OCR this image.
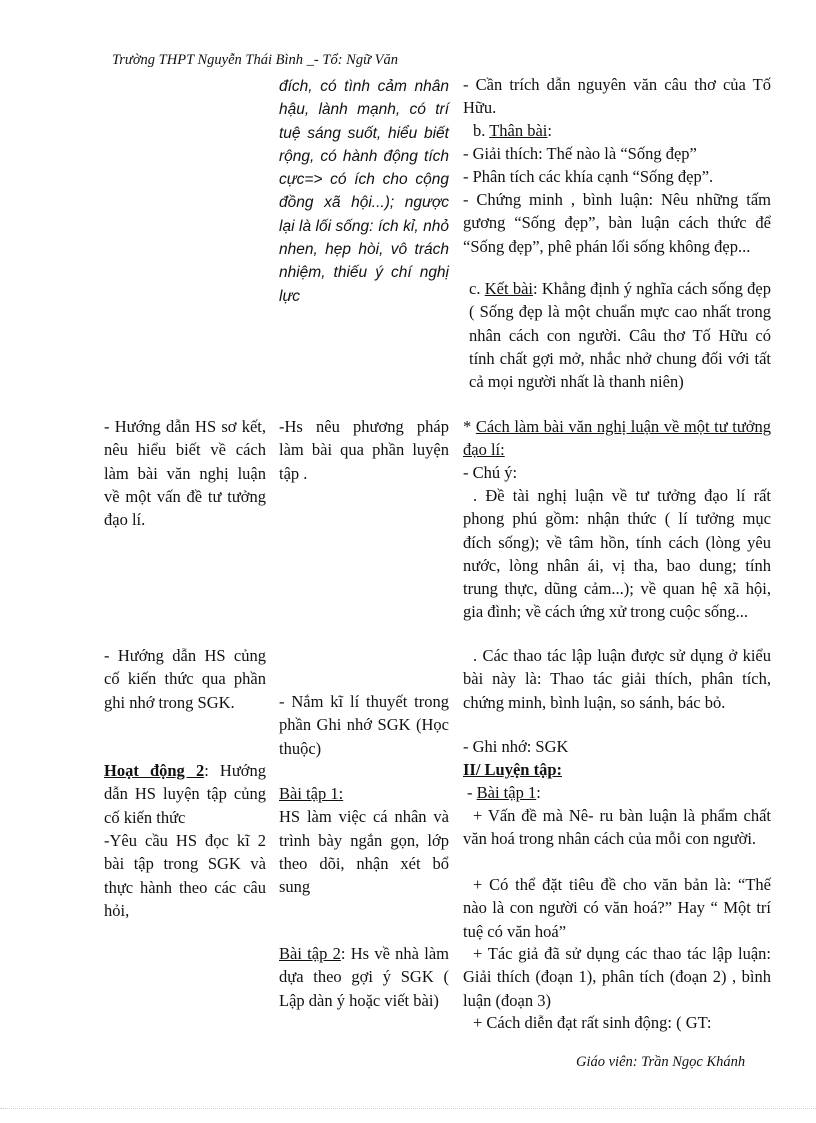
Trường THPT Nguyễn Thái Bình _- Tổ: Ngữ Văn

- Hướng dẫn HS sơ kết, nêu hiểu biết về cách làm bài văn nghị luận về một vấn đề tư tưởng đạo lí.

- Hướng dẫn HS củng cố kiến thức qua phần ghi nhớ trong SGK.

Hoạt động 2: Hướng dẫn HS luyện tập củng cố kiến thức

-Yêu cầu HS đọc kĩ 2 bài tập trong SGK và thực hành theo các câu hỏi,

đích, có tình cảm nhân hậu, lành mạnh, có trí tuệ sáng suốt, hiểu biết rộng, có hành động tích cực=> có ích cho cộng đồng xã hội...); ngược lại là lối sống: ích kỉ, nhỏ nhen, hẹp hòi, vô trách nhiệm, thiếu ý chí nghị lực

-Hs nêu phương pháp làm bài qua phần luyện tập .

- Nắm kĩ lí thuyết trong phần Ghi nhớ SGK (Học thuộc)

Bài tập 1:
HS làm việc cá nhân và trình bày ngắn gọn, lớp theo dõi, nhận xét bổ sung

Bài tập 2: Hs về nhà làm dựa theo gợi ý SGK ( Lập dàn ý hoặc viết bài)

- Cần trích dẫn nguyên văn câu thơ của Tố Hữu.

b. Thân bài:

- Giải thích: Thế nào là “Sống đẹp”

- Phân tích các khía cạnh “Sống đẹp”.

- Chứng minh , bình luận: Nêu những tấm gương “Sống đẹp”, bàn luận cách thức để “Sống đẹp”, phê phán lối sống không đẹp...

c. Kết bài: Khẳng định ý nghĩa cách sống đẹp ( Sống đẹp là một chuẩn mực cao nhất trong nhân cách con người. Câu thơ Tố Hữu có tính chất gợi mở, nhắc nhở chung đối với tất cả mọi người nhất là thanh niên)

* Cách làm bài văn nghị luận về một tư tưởng đạo lí:

- Chú ý:

. Đề tài nghị luận về tư tưởng đạo lí rất phong phú gồm: nhận thức ( lí tưởng mục đích sống); về tâm hồn, tính cách (lòng yêu nước, lòng nhân ái, vị tha, bao dung; tính trung thực, dũng cảm...); về quan hệ xã hội, gia đình; về cách ứng xử trong cuộc sống...

. Các thao tác lập luận được sử dụng ở kiểu bài này là: Thao tác giải thích, phân tích, chứng minh, bình luận, so sánh, bác bỏ.

- Ghi nhớ: SGK

II/ Luyện tập:

- Bài tập 1:

+ Vấn đề mà Nê- ru bàn luận là phẩm chất văn hoá trong nhân cách của mỗi con người.

+ Có thể đặt tiêu đề cho văn bản là: “Thế nào là con người có văn hoá?” Hay “ Một trí tuệ có văn hoá”

+ Tác giả đã sử dụng các thao tác lập luận: Giải thích (đoạn 1), phân tích (đoạn 2) , bình luận (đoạn 3)

+ Cách diễn đạt rất sinh động: ( GT:

Giáo viên: Trần Ngọc Khánh
